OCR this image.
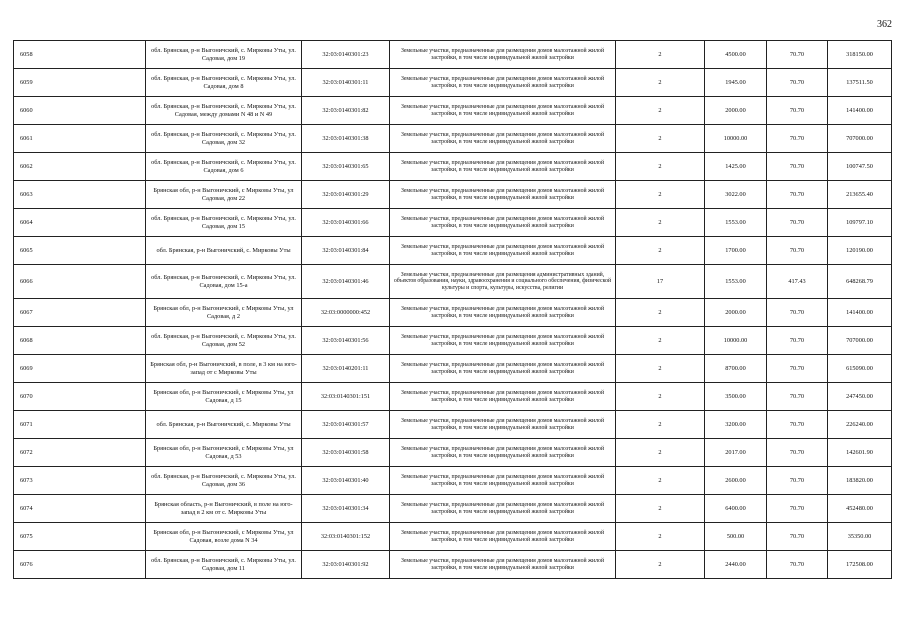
362
6058	обл. Брянская, р-н Выгоничский, с. Мирковы Уты, ул. Садовая, дом 19	32:03:0140301:23	Земельные участки, предназначенные для размещения домов малоэтажной жилой застройки, в том числе индивидуальной жилой застройки	2	4500.00	70.70	318150.00
6059	обл. Брянская, р-н Выгоничский, с. Мирковы Уты, ул. Садовая, дом 8	32:03:0140301:11	Земельные участки, предназначенные для размещения домов малоэтажной жилой застройки, в том числе индивидуальной жилой застройки	2	1945.00	70.70	137511.50
6060	обл. Брянская, р-н Выгоничский, с. Мирковы Уты, ул. Садовая, между домами N 48 и N 49	32:03:0140301:82	Земельные участки, предназначенные для размещения домов малоэтажной жилой застройки, в том числе индивидуальной жилой застройки	2	2000.00	70.70	141400.00
6061	обл. Брянская, р-н Выгоничский, с. Мирковы Уты, ул. Садовая, дом 32	32:03:0140301:38	Земельные участки, предназначенные для размещения домов малоэтажной жилой застройки, в том числе индивидуальной жилой застройки	2	10000.00	70.70	707000.00
6062	обл. Брянская, р-н Выгоничский, с. Мирковы Уты, ул. Садовая, дом 6	32:03:0140301:65	Земельные участки, предназначенные для размещения домов малоэтажной жилой застройки, в том числе индивидуальной жилой застройки	2	1425.00	70.70	100747.50
6063	Брянская обл, р-н Выгоничский, с Мирковы Уты, ул Садовая, дом 22	32:03:0140301:29	Земельные участки, предназначенные для размещения домов малоэтажной жилой застройки, в том числе индивидуальной жилой застройки	2	3022.00	70.70	213655.40
6064	обл. Брянская, р-н Выгоничский, с. Мирковы Уты, ул. Садовая, дом 15	32:03:0140301:66	Земельные участки, предназначенные для размещения домов малоэтажной жилой застройки, в том числе индивидуальной жилой застройки	2	1553.00	70.70	109797.10
6065	обл. Брянская, р-н Выгоничский, с. Мирковы Уты	32:03:0140301:84	Земельные участки, предназначенные для размещения домов малоэтажной жилой застройки, в том числе индивидуальной жилой застройки	2	1700.00	70.70	120190.00
6066	обл. Брянская, р-н Выгоничский, с. Мирковы Уты, ул. Садовая, дом 15-а	32:03:0140301:46	Земельные участки, предназначенные для размещения административных зданий, объектов образования, науки, здравоохранения и социального обеспечения, физической культуры и спорта, культуры, искусства, религии	17	1553.00	417.43	648268.79
6067	Брянская обл, р-н Выгоничский, с Мирковы Уты, ул Садовая, д 2	32:03:0000000:452	Земельные участки, предназначенные для размещения домов малоэтажной жилой застройки, в том числе индивидуальной жилой застройки	2	2000.00	70.70	141400.00
6068	обл. Брянская, р-н Выгоничский, с. Мирковы Уты, ул. Садовая, дом 52	32:03:0140301:56	Земельные участки, предназначенные для размещения домов малоэтажной жилой застройки, в том числе индивидуальной жилой застройки	2	10000.00	70.70	707000.00
6069	Брянская обл, р-н Выгоничский, в поле, в 3 км на юго-запад от с Мирковы Уты	32:03:0140201:11	Земельные участки, предназначенные для размещения домов малоэтажной жилой застройки, в том числе индивидуальной жилой застройки	2	8700.00	70.70	615090.00
6070	Брянская обл, р-н Выгоничский, с Мирковы Уты, ул Садовая, д 15	32:03:0140301:151	Земельные участки, предназначенные для размещения домов малоэтажной жилой застройки, в том числе индивидуальной жилой застройки	2	3500.00	70.70	247450.00
6071	обл. Брянская, р-н Выгоничский, с. Мирковы Уты	32:03:0140301:57	Земельные участки, предназначенные для размещения домов малоэтажной жилой застройки, в том числе индивидуальной жилой застройки	2	3200.00	70.70	226240.00
6072	Брянская обл, р-н Выгоничский, с Мирковы Уты, ул Садовая, д 53	32:03:0140301:58	Земельные участки, предназначенные для размещения домов малоэтажной жилой застройки, в том числе индивидуальной жилой застройки	2	2017.00	70.70	142601.90
6073	обл. Брянская, р-н Выгоничский, с. Мирковы Уты, ул. Садовая, дом 36	32:03:0140301:40	Земельные участки, предназначенные для размещения домов малоэтажной жилой застройки, в том числе индивидуальной жилой застройки	2	2600.00	70.70	183820.00
6074	Брянская область, р-н Выгоничский, в поле на юго-запад в 2 км от с. Мирковы Уты	32:03:0140301:34	Земельные участки, предназначенные для размещения домов малоэтажной жилой застройки, в том числе индивидуальной жилой застройки	2	6400.00	70.70	452480.00
6075	Брянская обл, р-н Выгоничский, с Мирковы Уты, ул Садовая, возле дома N 34	32:03:0140301:152	Земельные участки, предназначенные для размещения домов малоэтажной жилой застройки, в том числе индивидуальной жилой застройки	2	500.00	70.70	35350.00
6076	обл. Брянская, р-н Выгоничский, с. Мирковы Уты, ул. Садовая, дом 11	32:03:0140301:92	Земельные участки, предназначенные для размещения домов малоэтажной жилой застройки, в том числе индивидуальной жилой застройки	2	2440.00	70.70	172508.00
